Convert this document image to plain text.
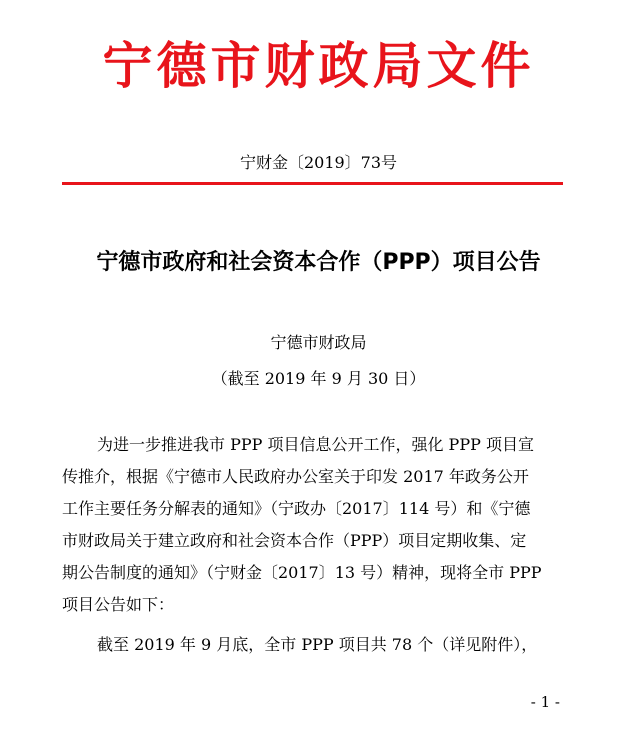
宁德市财政局文件
宁财金〔2019〕73号
宁德市政府和社会资本合作（PPP）项目公告
宁德市财政局
（截至 2019 年 9 月 30 日）
为进一步推进我市 PPP 项目信息公开工作，强化 PPP 项目宣
传推介，根据《宁德市人民政府办公室关于印发 2017 年政务公开
工作主要任务分解表的通知》（宁政办〔2017〕114 号）和《宁德
市财政局关于建立政府和社会资本合作（PPP）项目定期收集、定
期公告制度的通知》（宁财金〔2017〕13 号）精神，现将全市 PPP
项目公告如下：
截至 2019 年 9 月底，全市 PPP 项目共 78 个（详见附件），
- 1 -
